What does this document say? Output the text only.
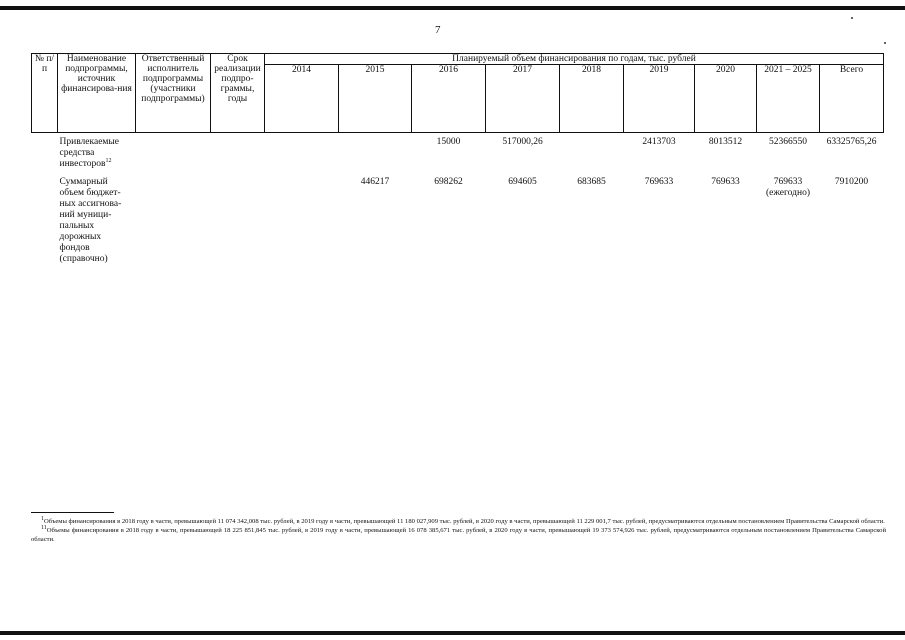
7
№ п/п	Наименование подпрограммы, источник финансирова-ния	Ответственный исполнитель подпрограммы (участники подпрограммы)	Срок реализации подпро-граммы, годы	Планируемый объем финансирования по годам, тыс. рублей								
				2014	2015	2016	2017	2018	2019	2020	2021 – 2025	Всего
	Привлекаемые средства инвесторов$^{12}$					15000	517000,26		2413703	8013512	52366550	63325765,26
	Суммарный объем бюджет-ных ассигнова-ний муници-пальных дорожных фондов (справочно)				446217	698262	694605	683685	769633	769633	769633
(ежегодно)	7910200

$^1$Объемы финансирования в 2018 году в части, превышающей 11 074 342,008 тыс. рублей, в 2019 году в части, превышающей 11 180 027,909 тыс. рублей, в 2020 году в части, превышающей 11 229 001,7 тыс. рублей, предусматриваются отдельным постановлением Правительства Самарской области.

$^{11}$Объемы финансирования в 2018 году в части, превышающей 18 225 851,845 тыс. рублей, в 2019 году в части, превышающей 16 078 385,671 тыс. рублей, в 2020 году в части, превышающей 19 373 574,926 тыс. рублей, предусматриваются отдельным постановлением Правительства Самарской области.
